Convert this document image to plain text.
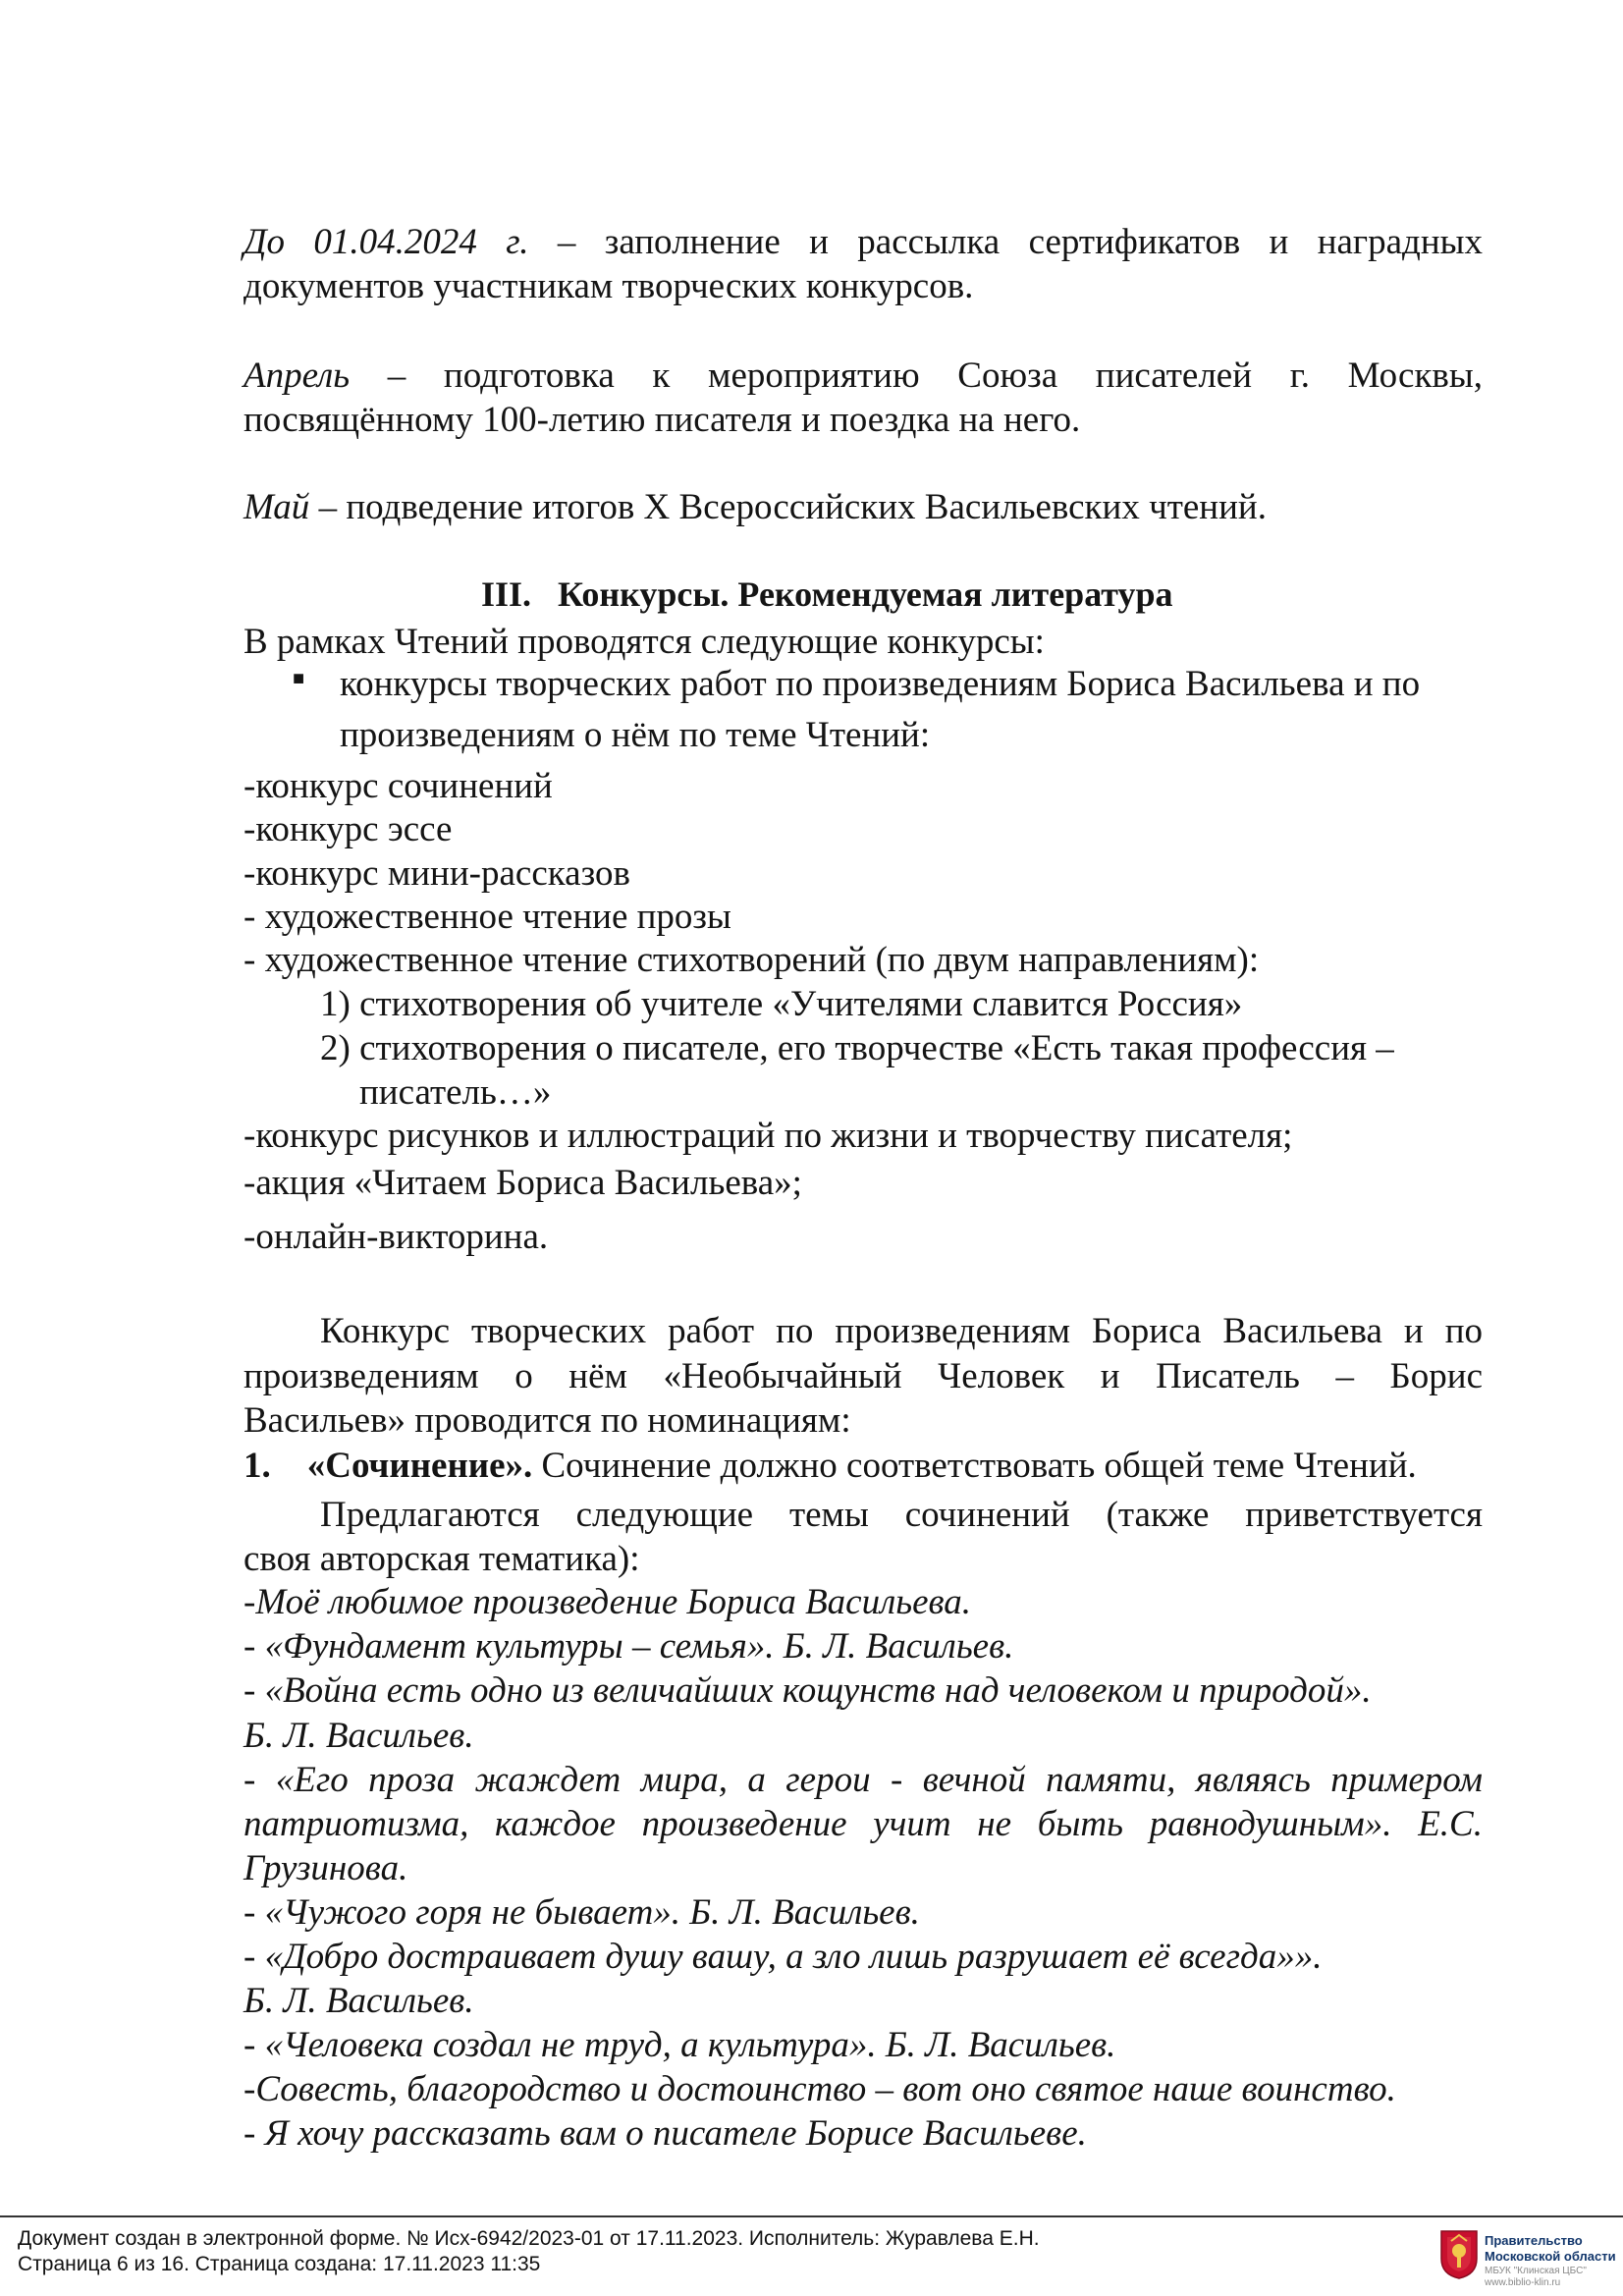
До 01.04.2024 г. – заполнение и рассылка сертификатов и наградных
документов участникам творческих конкурсов.
Апрель – подготовка к мероприятию Союза писателей г. Москвы,
посвящённому 100-летию писателя и поездка на него.
Май – подведение итогов X Всероссийских Васильевских чтений.
III. Конкурсы. Рекомендуемая литература
В рамках Чтений проводятся следующие конкурсы:
■ конкурсы творческих работ по произведениям Бориса Васильева и по
произведениям о нём по теме Чтений:
-конкурс сочинений
-конкурс эссе
-конкурс мини-рассказов
- художественное чтение прозы
- художественное чтение стихотворений (по двум направлениям):
1) стихотворения об учителе «Учителями славится Россия»
2) стихотворения о писателе, его творчестве «Есть такая профессия –
писатель…»
-конкурс рисунков и иллюстраций по жизни и творчеству писателя;
-акция «Читаем Бориса Васильева»;
-онлайн-викторина.
Конкурс творческих работ по произведениям Бориса Васильева и по
произведениям о нём «Необычайный Человек и Писатель – Борис
Васильев» проводится по номинациям:
1. «Сочинение». Сочинение должно соответствовать общей теме Чтений.
Предлагаются следующие темы сочинений (также приветствуется
своя авторская тематика):
-Моё любимое произведение Бориса Васильева.
- «Фундамент культуры – семья». Б. Л. Васильев.
- «Война есть одно из величайших кощунств над человеком и природой».
Б. Л. Васильев.
- «Его проза жаждет мира, а герои - вечной памяти, являясь примером
патриотизма, каждое произведение учит не быть равнодушным». Е.С.
Грузинова.
- «Чужого горя не бывает». Б. Л. Васильев.
- «Добро достраивает душу вашу, а зло лишь разрушает её всегда»».
Б. Л. Васильев.
- «Человека создал не труд, а культура». Б. Л. Васильев.
-Совесть, благородство и достоинство – вот оно святое наше воинство.
- Я хочу рассказать вам о писателе Борисе Васильеве.
Документ создан в электронной форме. № Исх-6942/2023-01 от 17.11.2023. Исполнитель: Журавлева Е.Н.
Страница 6 из 16. Страница создана: 17.11.2023 11:35
Правительство
Московской области
МБУК "Клинская ЦБС"
www.biblio-klin.ru
